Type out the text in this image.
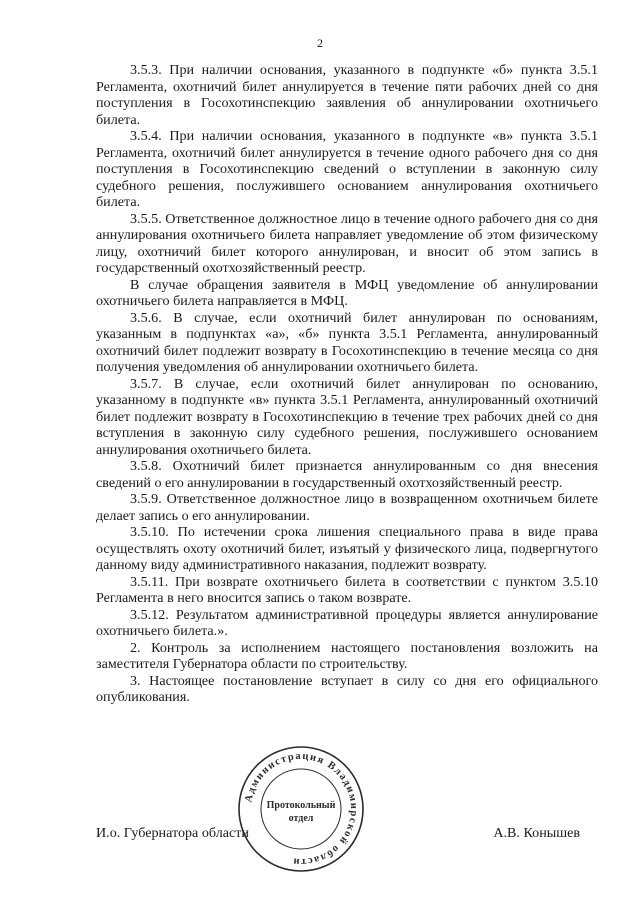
2

3.5.3. При наличии основания, указанного в подпункте «б» пункта 3.5.1 Регламента, охотничий билет аннулируется в течение пяти рабочих дней со дня поступления в Госохотинспекцию заявления об аннулировании охотничьего билета.

3.5.4. При наличии основания, указанного в подпункте «в» пункта 3.5.1 Регламента, охотничий билет аннулируется в течение одного рабочего дня со дня поступления в Госохотинспекцию сведений о вступлении в законную силу судебного решения, послужившего основанием аннулирования охотничьего билета.

3.5.5. Ответственное должностное лицо в течение одного рабочего дня со дня аннулирования охотничьего билета направляет уведомление об этом физическому лицу, охотничий билет которого аннулирован, и вносит об этом запись в государственный охотхозяйственный реестр.

В случае обращения заявителя в МФЦ уведомление об аннулировании охотничьего билета направляется в МФЦ.

3.5.6. В случае, если охотничий билет аннулирован по основаниям, указанным в подпунктах «а», «б» пункта 3.5.1 Регламента, аннулированный охотничий билет подлежит возврату в Госохотинспекцию в течение месяца со дня получения уведомления об аннулировании охотничьего билета.

3.5.7. В случае, если охотничий билет аннулирован по основанию, указанному в подпункте «в» пункта 3.5.1 Регламента, аннулированный охотничий билет подлежит возврату в Госохотинспекцию в течение трех рабочих дней со дня вступления в законную силу судебного решения, послужившего основанием аннулирования охотничьего билета.

3.5.8. Охотничий билет признается аннулированным со дня внесения сведений о его аннулировании в государственный охотхозяйственный реестр.

3.5.9. Ответственное должностное лицо в возвращенном охотничьем билете делает запись о его аннулировании.

3.5.10. По истечении срока лишения специального права в виде права осуществлять охоту охотничий билет, изъятый у физического лица, подвергнутого данному виду административного наказания, подлежит возврату.

3.5.11. При возврате охотничьего билета в соответствии с пунктом 3.5.10 Регламента в него вносится запись о таком возврате.

3.5.12. Результатом административной процедуры является аннулирование охотничьего билета.».

2. Контроль за исполнением настоящего постановления возложить на заместителя Губернатора области по строительству.

3. Настоящее постановление вступает в силу со дня его официального опубликования.

Администрация Владимирской области
Протокольный
отдел
И.о. Губернатора области	А.В. Конышев
